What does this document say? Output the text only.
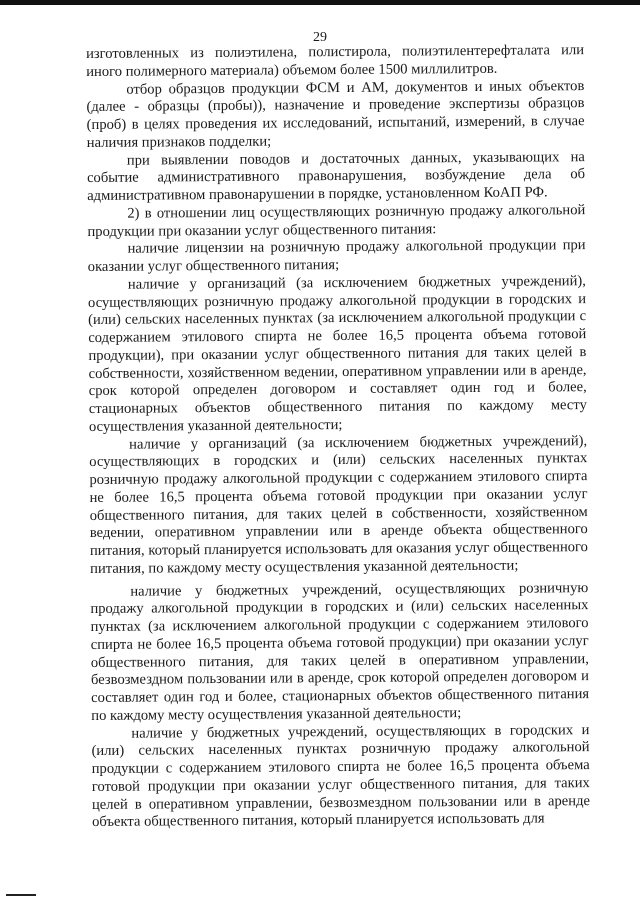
29

изготовленных из полиэтилена, полистирола, полиэтилентерефталата или иного полимерного материала) объемом более 1500 миллилитров.

отбор образцов продукции ФСМ и АМ, документов и иных объектов (далее - образцы (пробы)), назначение и проведение экспертизы образцов (проб) в целях проведения их исследований, испытаний, измерений, в случае наличия признаков подделки;

при выявлении поводов и достаточных данных, указывающих на событие административного правонарушения, возбуждение дела об административном правонарушении в порядке, установленном КоАП РФ.

2) в отношении лиц осуществляющих розничную продажу алкогольной продукции при оказании услуг общественного питания:

наличие лицензии на розничную продажу алкогольной продукции при оказании услуг общественного питания;

наличие у организаций (за исключением бюджетных учреждений), осуществляющих розничную продажу алкогольной продукции в городских и (или) сельских населенных пунктах (за исключением алкогольной продукции с содержанием этилового спирта не более 16,5 процента объема готовой продукции), при оказании услуг общественного питания для таких целей в собственности, хозяйственном ведении, оперативном управлении или в аренде, срок которой определен договором и составляет один год и более, стационарных объектов общественного питания по каждому месту осуществления указанной деятельности;

наличие у организаций (за исключением бюджетных учреждений), осуществляющих в городских и (или) сельских населенных пунктах розничную продажу алкогольной продукции с содержанием этилового спирта не более 16,5 процента объема готовой продукции при оказании услуг общественного питания, для таких целей в собственности, хозяйственном ведении, оперативном управлении или в аренде объекта общественного питания, который планируется использовать для оказания услуг общественного питания, по каждому месту осуществления указанной деятельности;

наличие у бюджетных учреждений, осуществляющих розничную продажу алкогольной продукции в городских и (или) сельских населенных пунктах (за исключением алкогольной продукции с содержанием этилового спирта не более 16,5 процента объема готовой продукции) при оказании услуг общественного питания, для таких целей в оперативном управлении, безвозмездном пользовании или в аренде, срок которой определен договором и составляет один год и более, стационарных объектов общественного питания по каждому месту осуществления указанной деятельности;

наличие у бюджетных учреждений, осуществляющих в городских и (или) сельских населенных пунктах розничную продажу алкогольной продукции с содержанием этилового спирта не более 16,5 процента объема готовой продукции при оказании услуг общественного питания, для таких целей в оперативном управлении, безвозмездном пользовании или в аренде объекта общественного питания, который планируется использовать для
